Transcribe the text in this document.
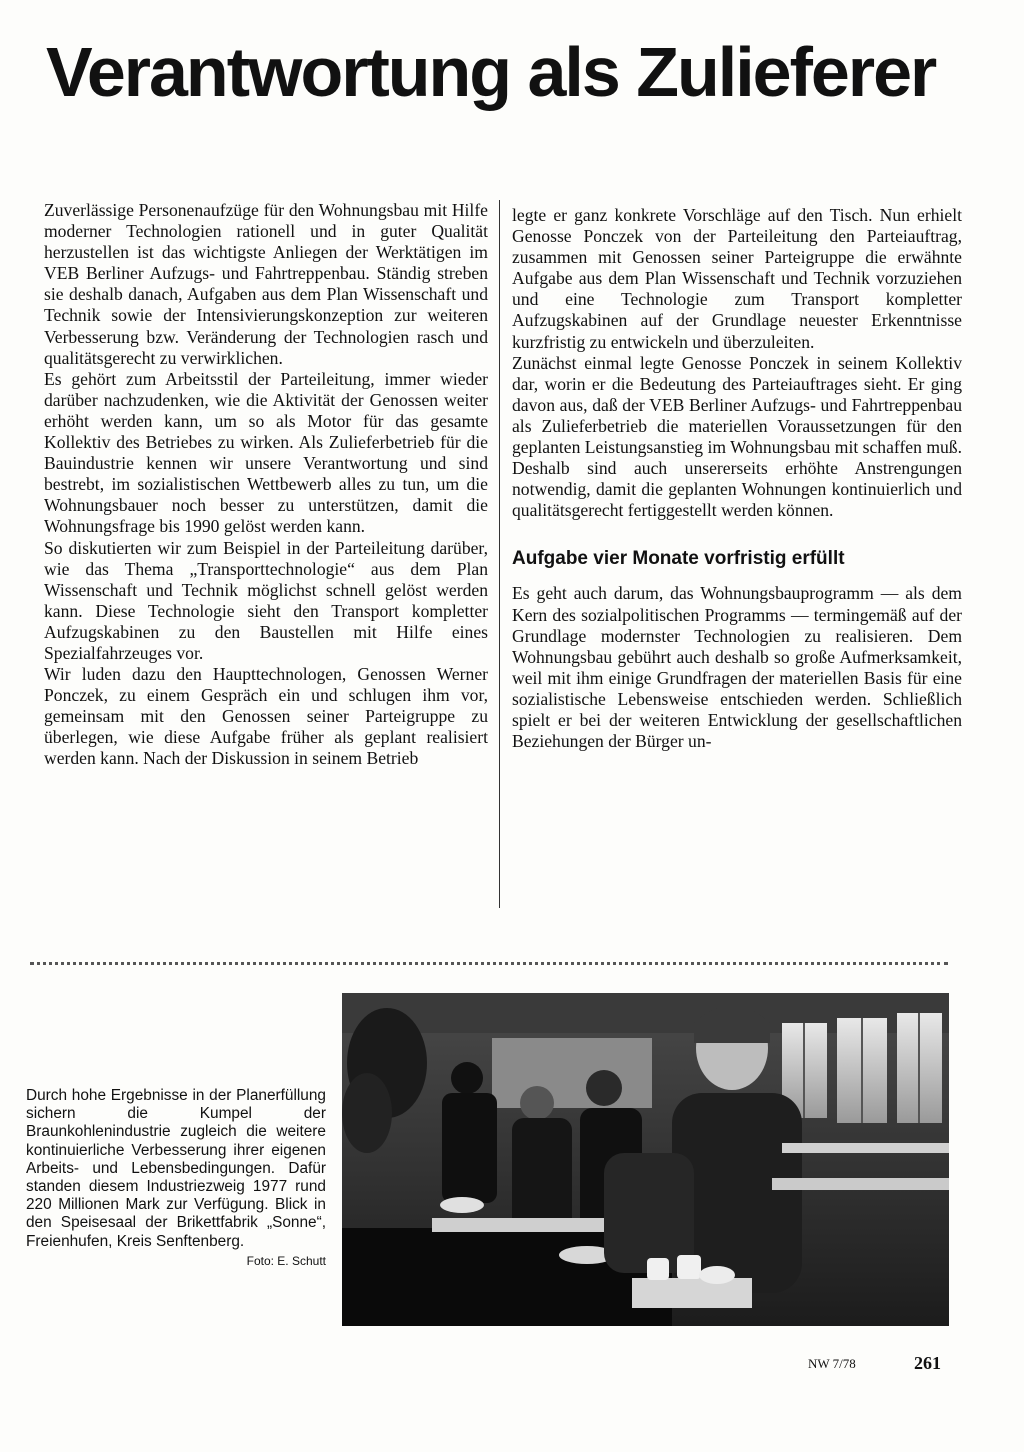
Verantwortung als Zulieferer

Zuverlässige Personenaufzüge für den Wohnungsbau mit Hilfe moderner Technologien rationell und in guter Qualität herzustellen ist das wichtigste Anliegen der Werktätigen im VEB Berliner Aufzugs- und Fahrtreppenbau. Ständig streben sie deshalb danach, Aufgaben aus dem Plan Wissenschaft und Technik sowie der Intensivierungskonzeption zur weiteren Verbesserung bzw. Veränderung der Technologien rasch und qualitätsgerecht zu verwirklichen.

Es gehört zum Arbeitsstil der Parteileitung, immer wieder darüber nachzudenken, wie die Aktivität der Genossen weiter erhöht werden kann, um so als Motor für das gesamte Kollektiv des Betriebes zu wirken. Als Zulieferbetrieb für die Bauindustrie kennen wir unsere Verantwortung und sind bestrebt, im sozialistischen Wettbewerb alles zu tun, um die Wohnungsbauer noch besser zu unterstützen, damit die Wohnungsfrage bis 1990 gelöst werden kann.

So diskutierten wir zum Beispiel in der Parteileitung darüber, wie das Thema „Transporttechnologie“ aus dem Plan Wissenschaft und Technik möglichst schnell gelöst werden kann. Diese Technologie sieht den Transport kompletter Aufzugskabinen zu den Baustellen mit Hilfe eines Spezialfahrzeuges vor.

Wir luden dazu den Haupttechnologen, Genossen Werner Ponczek, zu einem Gespräch ein und schlugen ihm vor, gemeinsam mit den Genossen seiner Parteigruppe zu überlegen, wie diese Aufgabe früher als geplant realisiert werden kann. Nach der Diskussion in seinem Betrieb

legte er ganz konkrete Vorschläge auf den Tisch. Nun erhielt Genosse Ponczek von der Parteileitung den Parteiauftrag, zusammen mit Genossen seiner Parteigruppe die erwähnte Aufgabe aus dem Plan Wissenschaft und Technik vorzuziehen und eine Technologie zum Transport kompletter Aufzugskabinen auf der Grundlage neuester Erkenntnisse kurzfristig zu entwickeln und überzuleiten.

Zunächst einmal legte Genosse Ponczek in seinem Kollektiv dar, worin er die Bedeutung des Parteiauftrages sieht. Er ging davon aus, daß der VEB Berliner Aufzugs- und Fahrtreppenbau als Zulieferbetrieb die materiellen Voraussetzungen für den geplanten Leistungsanstieg im Wohnungsbau mit schaffen muß. Deshalb sind auch unsererseits erhöhte Anstrengungen notwendig, damit die geplanten Wohnungen kontinuierlich und qualitätsgerecht fertiggestellt werden können.

Aufgabe vier Monate vorfristig erfüllt

Es geht auch darum, das Wohnungsbauprogramm — als dem Kern des sozialpolitischen Programms — termingemäß auf der Grundlage modernster Technologien zu realisieren. Dem Wohnungsbau gebührt auch deshalb so große Aufmerksamkeit, weil mit ihm einige Grundfragen der materiellen Basis für eine sozialistische Lebensweise entschieden werden. Schließlich spielt er bei der weiteren Entwicklung der gesellschaftlichen Beziehungen der Bürger un-

Durch hohe Ergebnisse in der Planerfüllung sichern die Kumpel der Braunkohlenindustrie zugleich die weitere kontinuierliche Verbesserung ihrer eigenen Arbeits- und Lebensbedingungen. Dafür standen diesem Industriezweig 1977 rund 220 Millionen Mark zur Verfügung. Blick in den Speisesaal der Brikettfabrik „Sonne“, Freienhufen, Kreis Senftenberg.

Foto: E. Schutt
NW 7/78	261
